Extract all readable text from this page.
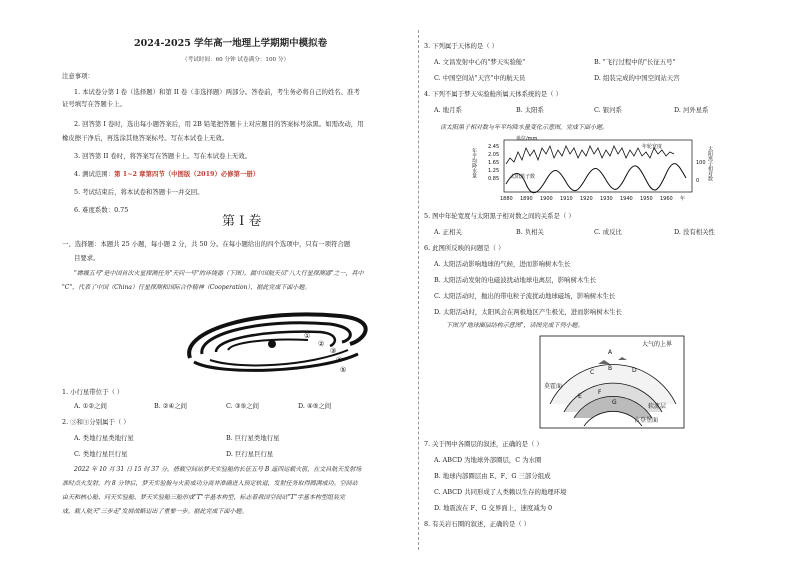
2024-2025 学年高一地理上学期期中模拟卷
（考试时间：60 分钟 试卷满分：100 分）
注意事项：
1. 本试卷分第 I 卷（选择题）和第 II 卷（非选择题）两部分。答卷前，考生务必将自己的姓名、准考
证号填写在答题卡上。
2. 回答第 I 卷时，选出每小题答案后，用 2B 铅笔把答题卡上对应题目的答案标号涂黑。如需改动，用
橡皮擦干净后，再选涂其他答案标号。写在本试卷上无效。
3. 回答第 II 卷时，将答案写在答题卡上。写在本试卷上无效。
4. 测试范围：第 1~2 章第四节（中图版（2019）必修第一册）
5. 考试结束后，将本试卷和答题卡一并交回。
6. 难度系数：0.75
第 I 卷
一、选择题：本题共 25 小题，每小题 2 分，共 50 分。在每小题给出的四个选项中，只有一项符合题
目要求。
"嫦娥五号"是中国首次火星探测任务"天问一号"的环绕器（下图），属中国航天员"八大行星探测器"之一，其中
"C"，代表了中国（China）行星探测和国际合作精神（Cooperation），据此完成下面小题。
①
②
③
④
⑤
1. 小行星带位于（ ）
A. ①②之间	B. ②④之间	C. ③⑤之间	D. ④⑤之间
2. ③和③分别属于（ ）
A. 类地行星类地行星	B. 巨行星类地行星
C. 类地行星巨行星	D. 巨行星巨行星
2022 年 10 月 31 日 15 时 37 分，搭载空间站梦天实验舱的长征五号 B 遥四运载火箭，在文昌航天发射场
准时点火发射，约 8 分钟后，梦天实验舱与火箭成功分离并准确进入预定轨道，发射任务取得圆满成功。空间站
由天和核心舱、问天实验舱、梦天实验舱三舱形成"T"字基本构型，标志着我国空间站"T"字基本构型组装完
成，载人航天"三步走"发展战略迈出了重要一步。据此完成下面小题。
3. 下列属于天体的是（ ）
A. 文昌发射中心的"梦天实验舱"	B. "飞行过程中的"长征五号"
C. 中国空间站"天宫"中的航天员	D. 组装完成的中国空间站天宫
4. 下列不属于梦天实验舱所属天体系统的是（ ）
A. 地月系	B. 太阳系	C. 银河系	D. 河外星系
读太阳黑子相对数与年平均降水量变化示意图，完成下面小题。
单位/mm
年平均降水量
2.45
2.05
1.65
1.25
0.85
年轮宽度
太阳黑子数
100
0 太阳黑子相对数
1880 1890 1900 1910 1920 1930 1940 1950 1960 年
5. 图中年轮宽度与太阳黑子相对数之间的关系是（ ）
A. 正相关	B. 负相关	C. 成反比	D. 没有相关性
6. 此图所反映的问题是（ ）
A. 太阳活动影响地球的气候，进而影响树木生长
B. 太阳活动发射的电磁波扰动地球电离层，影响树木生长
C. 太阳活动时，抛出的带电粒子流扰动地球磁场，影响树木生长
D. 太阳活动时，太阳风会在两极地区产生极光，进而影响树木生长
下图为"地球圈层结构示意图"，读图完成下列小题。
大气的上界
A
B
C	D
E
F
G
莫霍面
软流层
古登堡面
7. 关于图中各圈层的叙述，正确的是（ ）
A. ABCD 为地球外部圈层，C 为水圈
B. 地球内部圈层由 E、F、G 三部分组成
C. ABCD 共同形成了人类赖以生存的地理环境
D. 地震波在 F、G 交界面上，速度减为 0
8. 有关岩石圈的叙述，正确的是（ ）
